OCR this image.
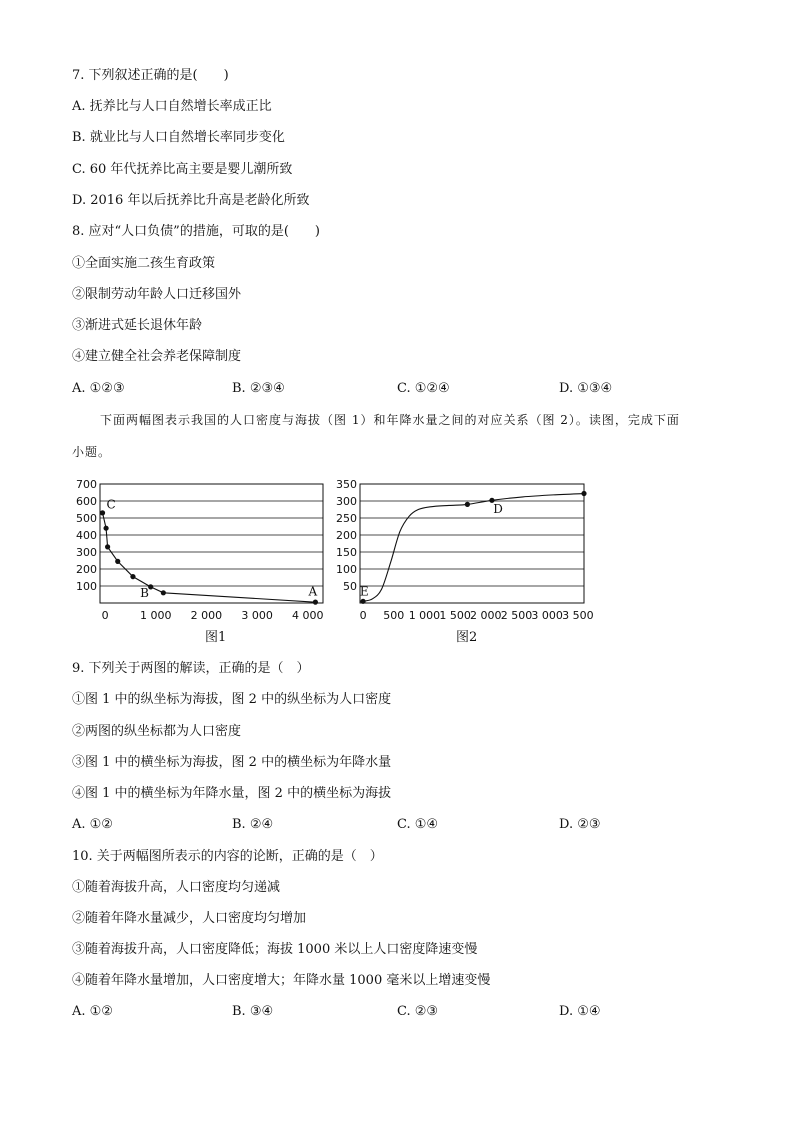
7. 下列叙述正确的是(　　)
A. 抚养比与人口自然增长率成正比
B. 就业比与人口自然增长率同步变化
C. 60 年代抚养比高主要是婴儿潮所致
D. 2016 年以后抚养比升高是老龄化所致
8. 应对“人口负债”的措施，可取的是(　　)
①全面实施二孩生育政策
②限制劳动年龄人口迁移国外
③渐进式延长退休年龄
④建立健全社会养老保障制度
A. ①②③	B. ②③④	C. ①②④	D. ①③④

下面两幅图表示我国的人口密度与海拔（图 1）和年降水量之间的对应关系（图 2）。读图，完成下面

小题。

700
600
500
400
300
200
100
0	1 000 2 000 3 000 4 000
C
B	A
图1
350
300
250
200
150
100
50
0 500 1 000 1 500 2 000 2 500 3 000 3 500
E
D
图2
9. 下列关于两图的解读，正确的是（　）
①图 1 中的纵坐标为海拔，图 2 中的纵坐标为人口密度
②两图的纵坐标都为人口密度
③图 1 中的横坐标为海拔，图 2 中的横坐标为年降水量
④图 1 中的横坐标为年降水量，图 2 中的横坐标为海拔
A. ①②	B. ②④	C. ①④	D. ②③
10. 关于两幅图所表示的内容的论断，正确的是（　）
①随着海拔升高，人口密度均匀递减
②随着年降水量减少，人口密度均匀增加
③随着海拔升高，人口密度降低；海拔 1000 米以上人口密度降速变慢
④随着年降水量增加，人口密度增大；年降水量 1000 毫米以上增速变慢
A. ①②	B. ③④	C. ②③	D. ①④
